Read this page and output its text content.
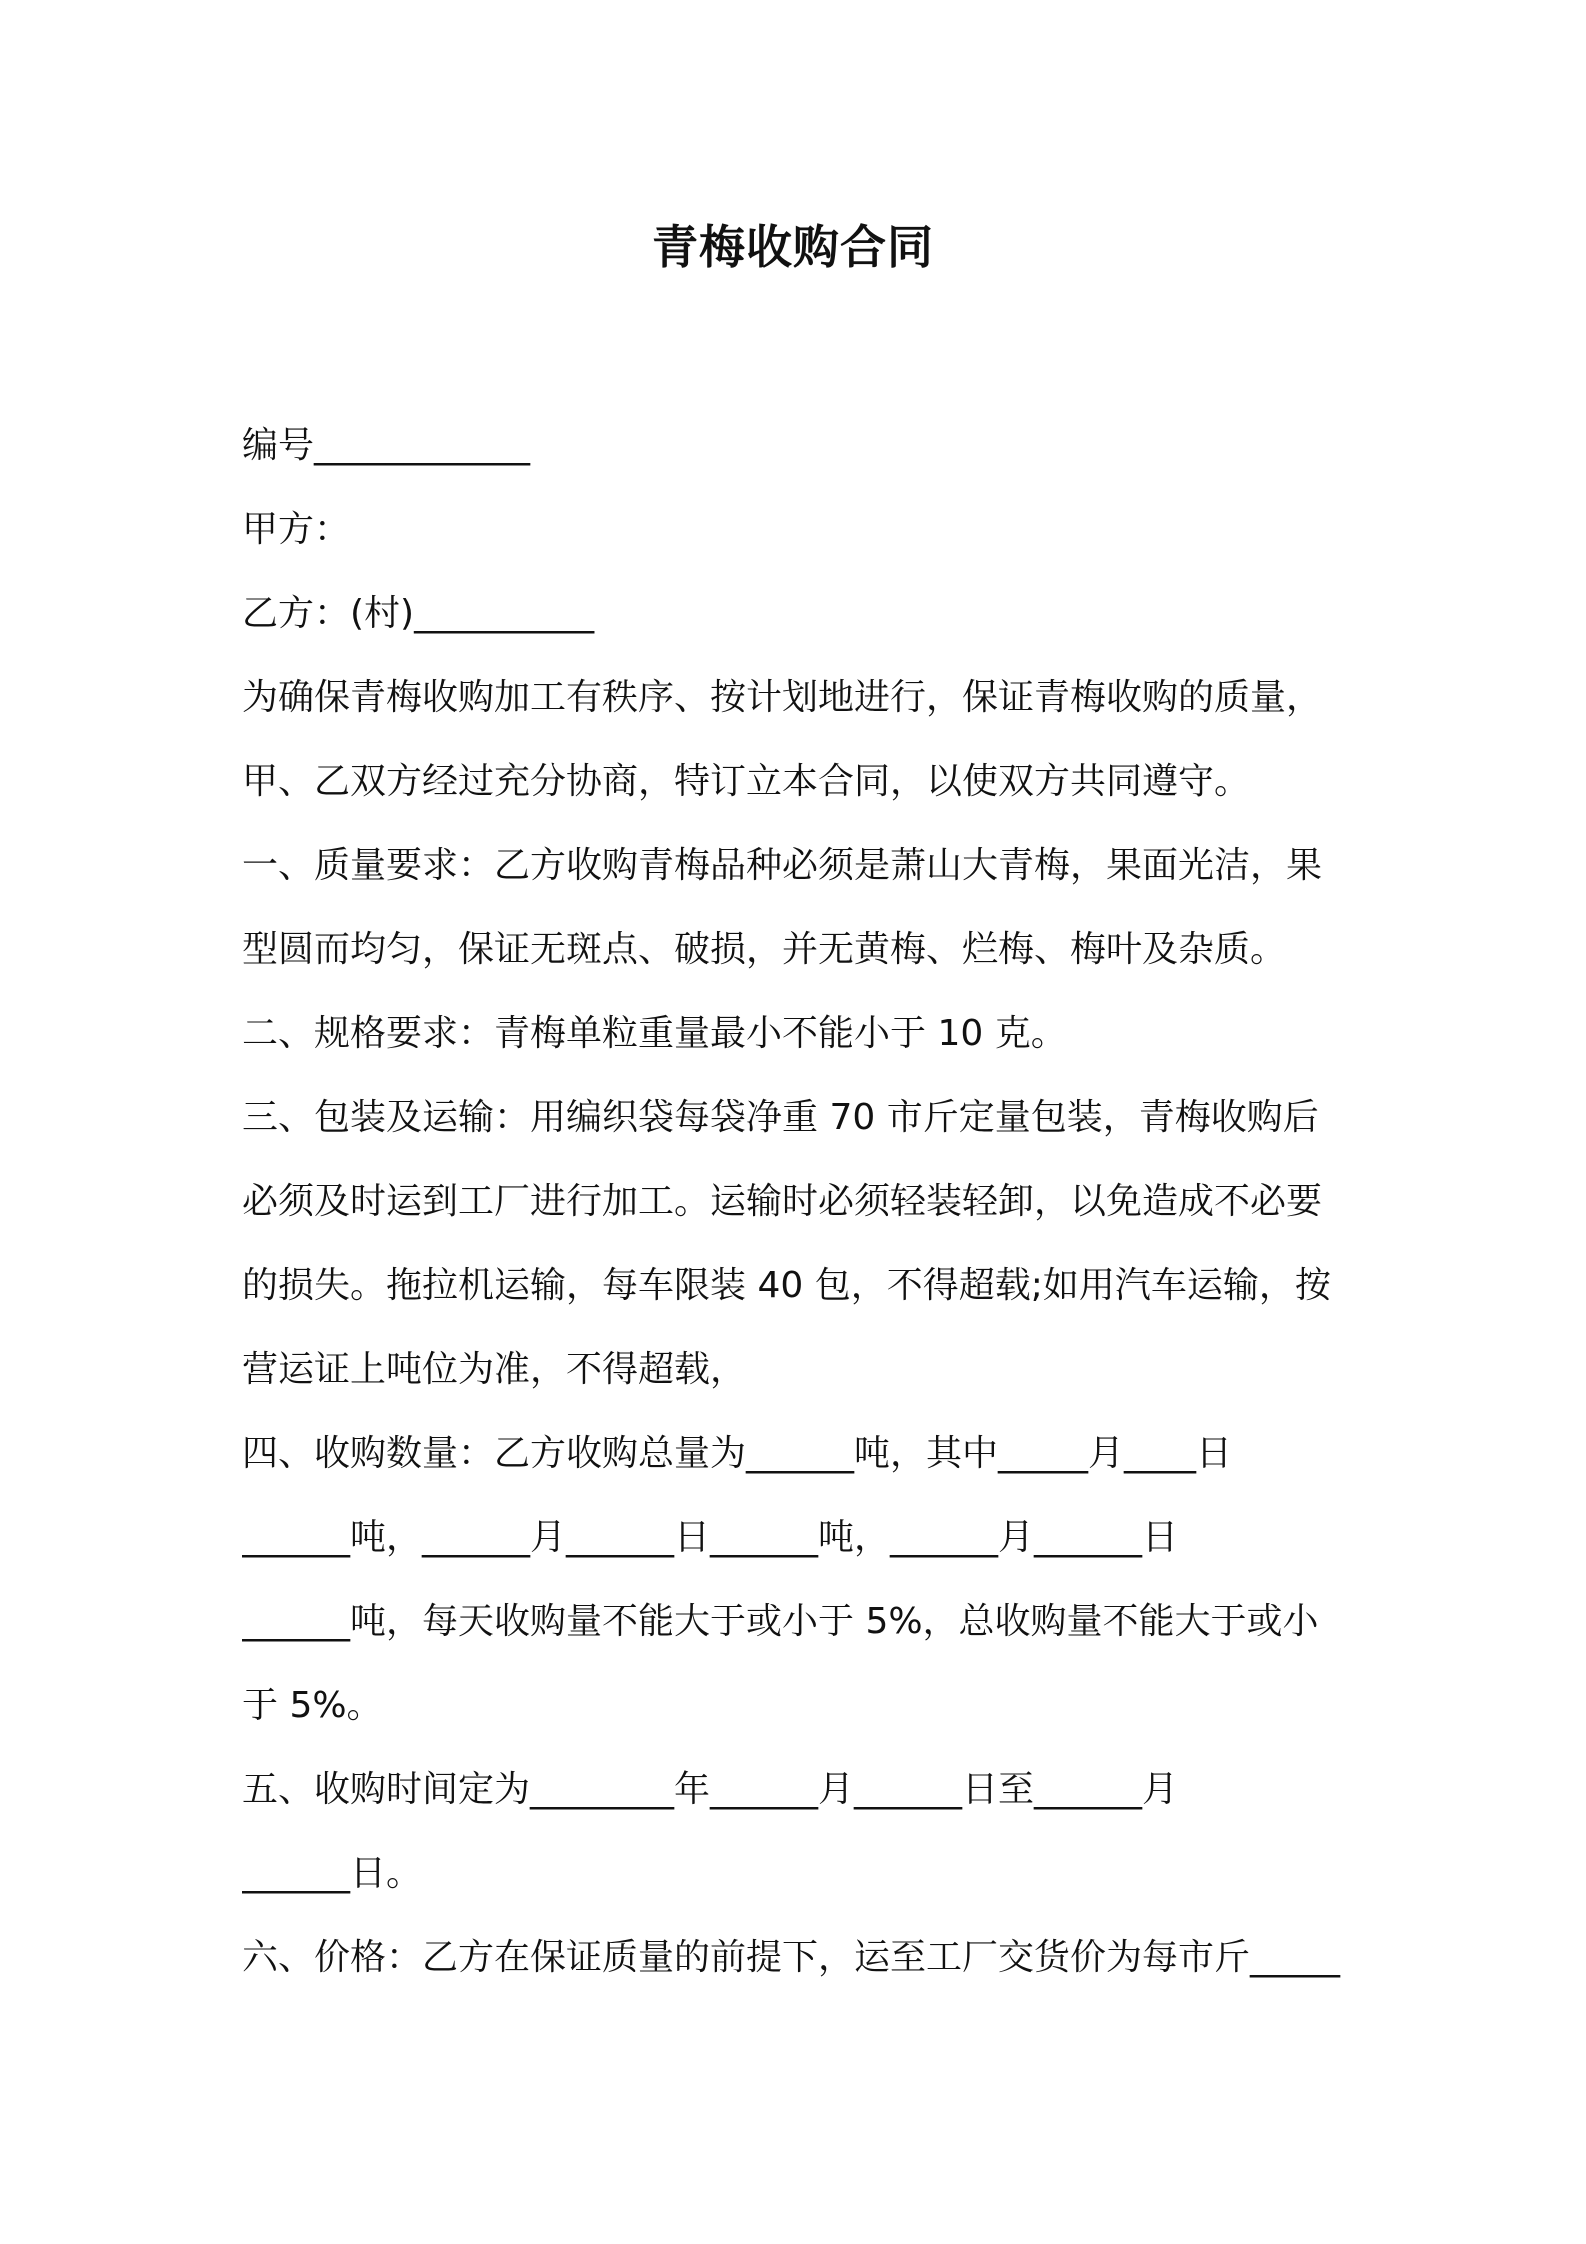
青梅收购合同
编号____________
甲方：
乙方：(村)__________
为确保青梅收购加工有秩序、按计划地进行，保证青梅收购的质量，
甲、乙双方经过充分协商，特订立本合同，以使双方共同遵守。
一、质量要求：乙方收购青梅品种必须是萧山大青梅，果面光洁，果
型圆而均匀，保证无斑点、破损，并无黄梅、烂梅、梅叶及杂质。
二、规格要求：青梅单粒重量最小不能小于 10 克。
三、包装及运输：用编织袋每袋净重 70 市斤定量包装，青梅收购后
必须及时运到工厂进行加工。运输时必须轻装轻卸，以免造成不必要
的损失。拖拉机运输，每车限装 40 包，不得超载;如用汽车运输，按
营运证上吨位为准，不得超载，
四、收购数量：乙方收购总量为______吨，其中_____月____日
______吨，______月______日______吨，______月______日
______吨，每天收购量不能大于或小于 5%，总收购量不能大于或小
于 5%。
五、收购时间定为________年______月______日至______月
______日。
六、价格：乙方在保证质量的前提下，运至工厂交货价为每市斤_____
